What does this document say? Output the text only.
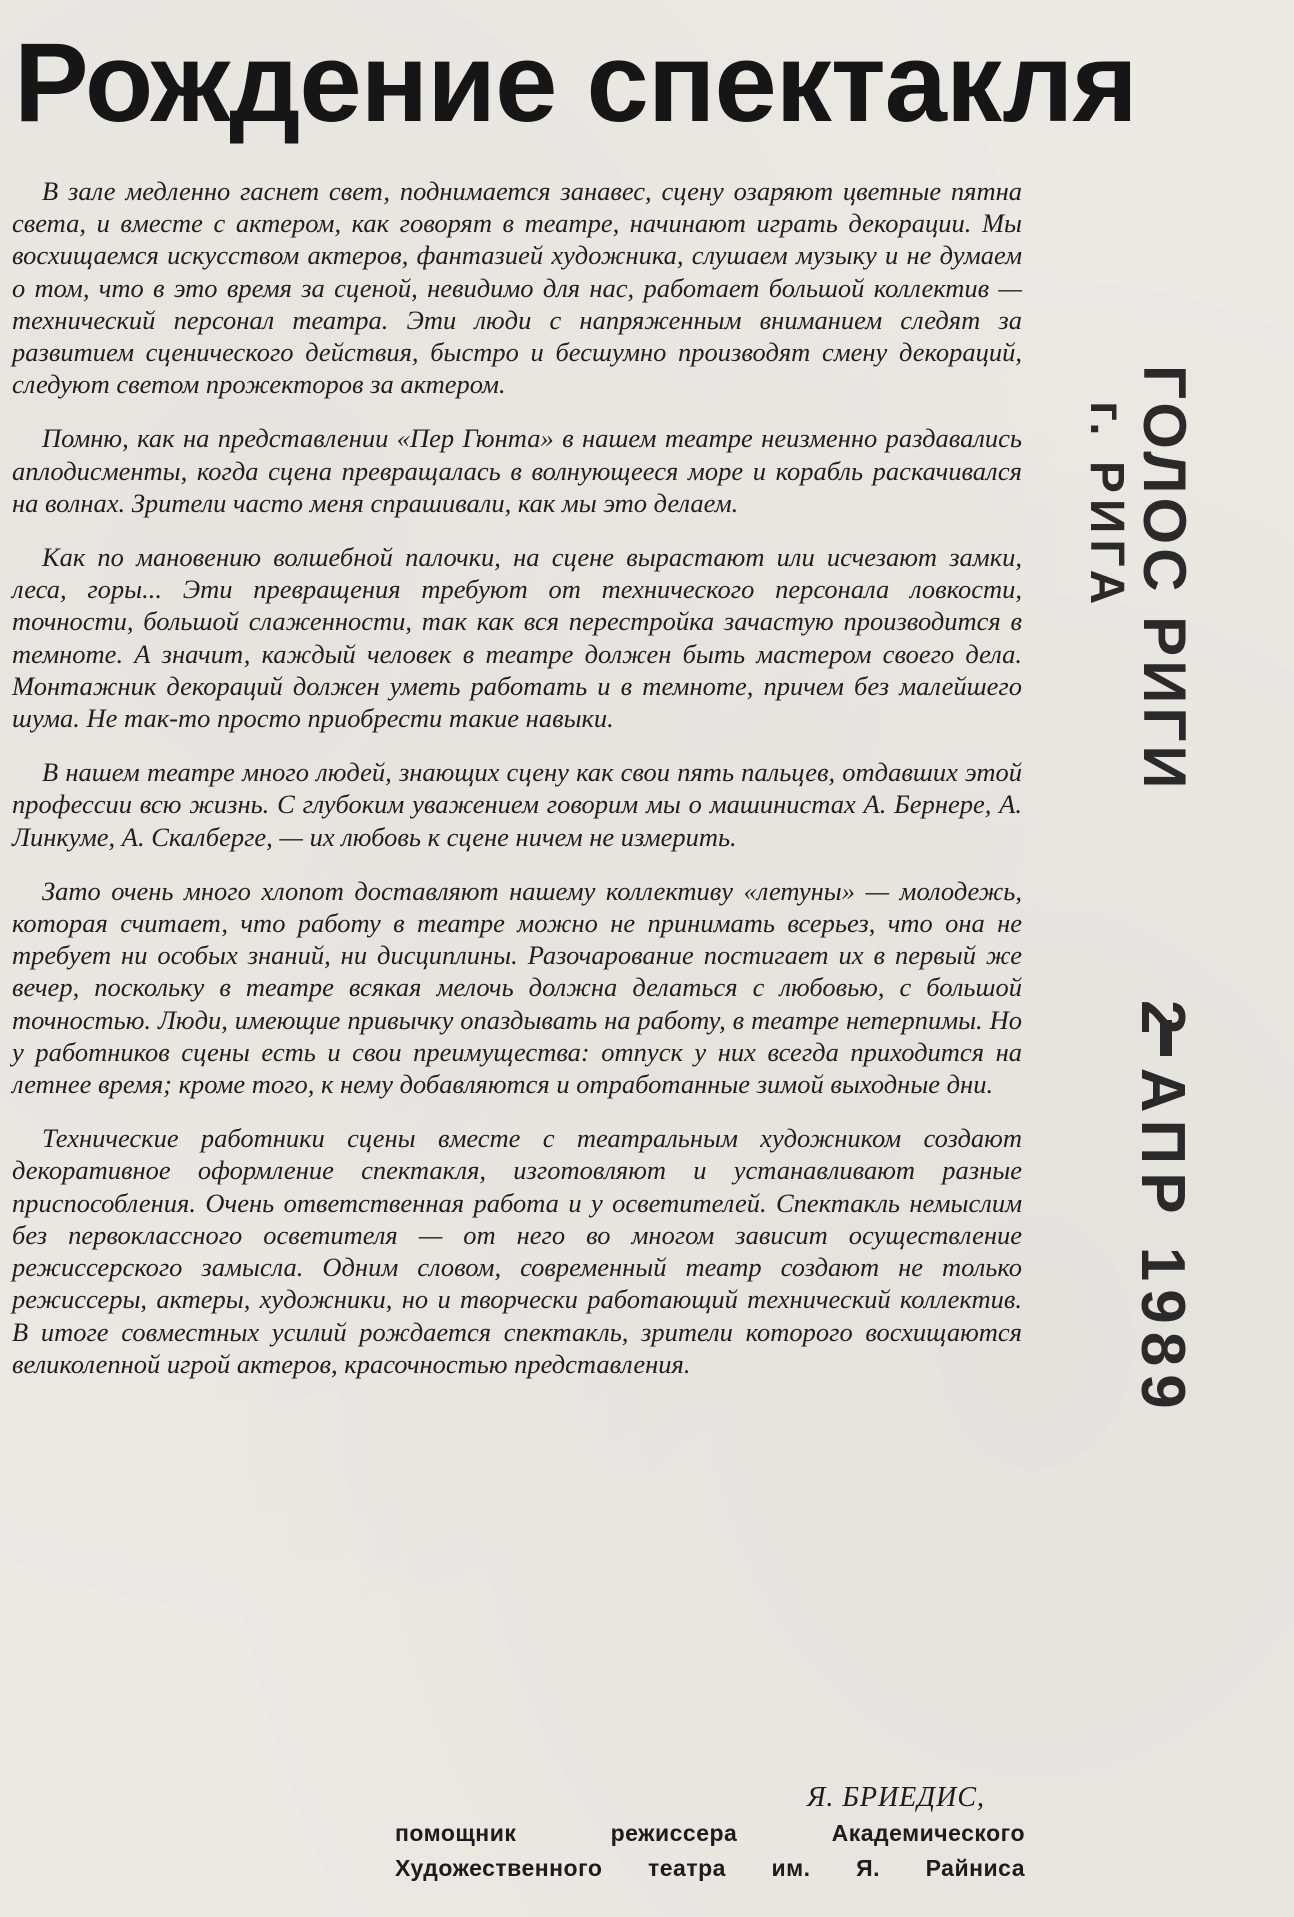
Рождение спектакля

В зале медленно гаснет свет, поднимается занавес, сцену озаряют цветные пятна света, и вместе с актером, как говорят в театре, начинают играть декорации. Мы восхищаемся искусством актеров, фантазией художника, слушаем музыку и не думаем о том, что в это время за сценой, невидимо для нас, работает большой коллектив — технический персонал театра. Эти люди с напряженным вниманием следят за развитием сценического действия, быстро и бесшумно производят смену декораций, следуют светом прожекторов за актером.

Помню, как на представлении «Пер Гюнта» в нашем театре неизменно раздавались аплодисменты, когда сцена превращалась в волнующееся море и корабль раскачивался на волнах. Зрители часто меня спрашивали, как мы это делаем.

Как по мановению волшебной палочки, на сцене вырастают или исчезают замки, леса, горы... Эти превращения требуют от технического персонала ловкости, точности, большой слаженности, так как вся перестройка зачастую производится в темноте. А значит, каждый человек в театре должен быть мастером своего дела. Монтажник декораций должен уметь работать и в темноте, причем без малейшего шума. Не так-то просто приобрести такие навыки.

В нашем театре много людей, знающих сцену как свои пять пальцев, отдавших этой профессии всю жизнь. С глубоким уважением говорим мы о машинистах А. Бернере, А. Линкуме, А. Скалберге, — их любовь к сцене ничем не измерить.

Зато очень много хлопот доставляют нашему коллективу «летуны» — молодежь, которая считает, что работу в театре можно не принимать всерьез, что она не требует ни особых знаний, ни дисциплины. Разочарование постигает их в первый же вечер, поскольку в театре всякая мелочь должна делаться с любовью, с большой точностью. Люди, имеющие привычку опаздывать на работу, в театре нетерпимы. Но у работников сцены есть и свои преимущества: отпуск у них всегда приходится на летнее время; кроме того, к нему добавляются и отработанные зимой выходные дни.

Технические работники сцены вместе с театральным художником создают декоративное оформление спектакля, изготовляют и устанавливают разные приспособления. Очень ответственная работа и у осветителей. Спектакль немыслим без первоклассного осветителя — от него во многом зависит осуществление режиссерского замысла. Одним словом, современный театр создают не только режиссеры, актеры, художники, но и творчески работающий технический коллектив. В итоге совместных усилий рождается спектакль, зрители которого восхищаются великолепной игрой актеров, красочностью представления.

Я. БРИЕДИС,
помощник режиссера Академического
Художественного театра им. Я. Райниса
ГОЛОС РИГИ
г. РИГА
2 АПР 1989
